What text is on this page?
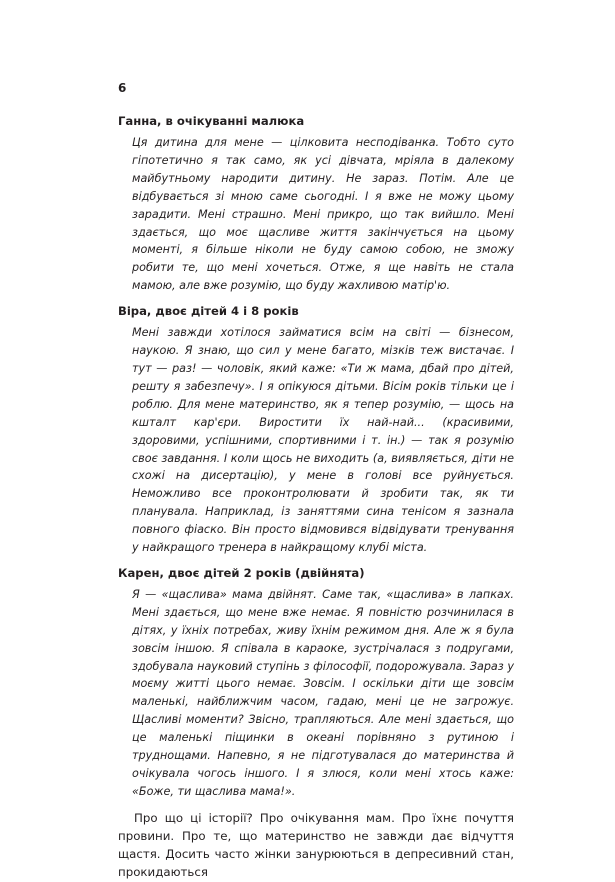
6

Ганна, в очікуванні малюка

Ця дитина для мене — цілковита несподіванка. Тобто суто гіпотетично я так само, як усі дівчата, мріяла в далекому майбутньому народити дитину. Не зараз. Потім. Але це відбувається зі мною саме сьогодні. І я вже не можу цьому зарадити. Мені страшно. Мені прикро, що так вийшло. Мені здається, що моє щасливе життя закінчується на цьому моменті, я більше ніколи не буду самою собою, не зможу робити те, що мені хочеться. Отже, я ще навіть не стала мамою, але вже розумію, що буду жахливою матір'ю.

Віра, двоє дітей 4 і 8 років

Мені завжди хотілося займатися всім на світі — бізнесом, наукою. Я знаю, що сил у мене багато, мізків теж вистачає. І тут — раз! — чоловік, який каже: «Ти ж мама, дбай про дітей, решту я забезпечу». І я опікуюся дітьми. Вісім років тільки це і роблю. Для мене материнство, як я тепер розумію, — щось на кшталт кар'єри. Виростити їх най-най... (красивими, здоровими, успішними, спортивними і т. ін.) — так я розумію своє завдання. І коли щось не виходить (а, виявляється, діти не схожі на дисертацію), у мене в голові все руйнується. Неможливо все проконтролювати й зробити так, як ти планувала. Наприклад, із заняттями сина тенісом я зазнала повного фіаско. Він просто відмовився відвідувати тренування у найкращого тренера в найкращому клубі міста.

Карен, двоє дітей 2 років (двійнята)

Я — «щаслива» мама двійнят. Саме так, «щаслива» в лапках. Мені здається, що мене вже немає. Я повністю розчинилася в дітях, у їхніх потребах, живу їхнім режимом дня. Але ж я була зовсім іншою. Я співала в караоке, зустрічалася з подругами, здобувала науковий ступінь з філософії, подорожувала. Зараз у моєму житті цього немає. Зовсім. І оскільки діти ще зовсім маленькі, найближчим часом, гадаю, мені це не загрожує. Щасливі моменти? Звісно, трапляються. Але мені здається, що це маленькі піщинки в океані порівняно з рутиною і труднощами. Напевно, я не підготувалася до материнства й очікувала чогось іншого. І я злюся, коли мені хтось каже: «Боже, ти щаслива мама!».

Про що ці історії? Про очікування мам. Про їхнє почуття провини. Про те, що материнство не завжди дає відчуття щастя. Досить часто жінки занурюються в депресивний стан, прокидаються
